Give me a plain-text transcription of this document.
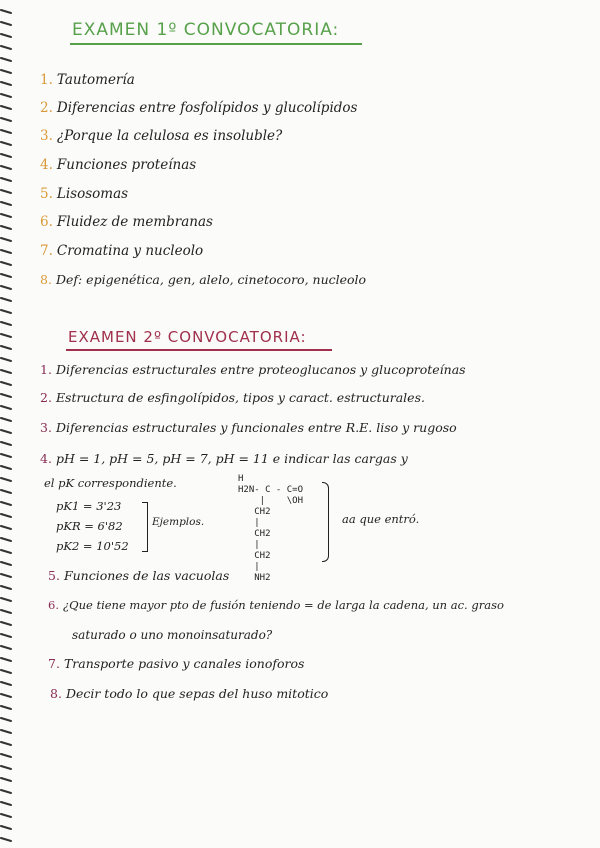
EXAMEN 1º CONVOCATORIA:
1. Tautomería
2. Diferencias entre fosfolípidos y glucolípidos
3. ¿Porque la celulosa es insoluble?
4. Funciones proteínas
5. Lisosomas
6. Fluidez de membranas
7. Cromatina y nucleolo
8. Def: epigenética, gen, alelo, cinetocoro, nucleolo
EXAMEN 2º CONVOCATORIA:
1. Diferencias estructurales entre proteoglucanos y glucoproteínas
2. Estructura de esfingolípidos, tipos y caract. estructurales.
3. Diferencias estructurales y funcionales entre R.E. liso y rugoso
4. pH = 1, pH = 5, pH = 7, pH = 11 e indicar las cargas y
el pK correspondiente.
pK1 = 3'23
pKR = 6'82
pK2 = 10'52
Ejemplos.
H
H2N- C - C=O
|    \OH
CH2
|
CH2
|
CH2
|
NH2
aa que entró.
5. Funciones de las vacuolas
6. ¿Que tiene mayor pto de fusión teniendo = de larga la cadena, un ac. graso
saturado o uno monoinsaturado?
7. Transporte pasivo y canales ionoforos
8. Decir todo lo que sepas del huso mitotico
